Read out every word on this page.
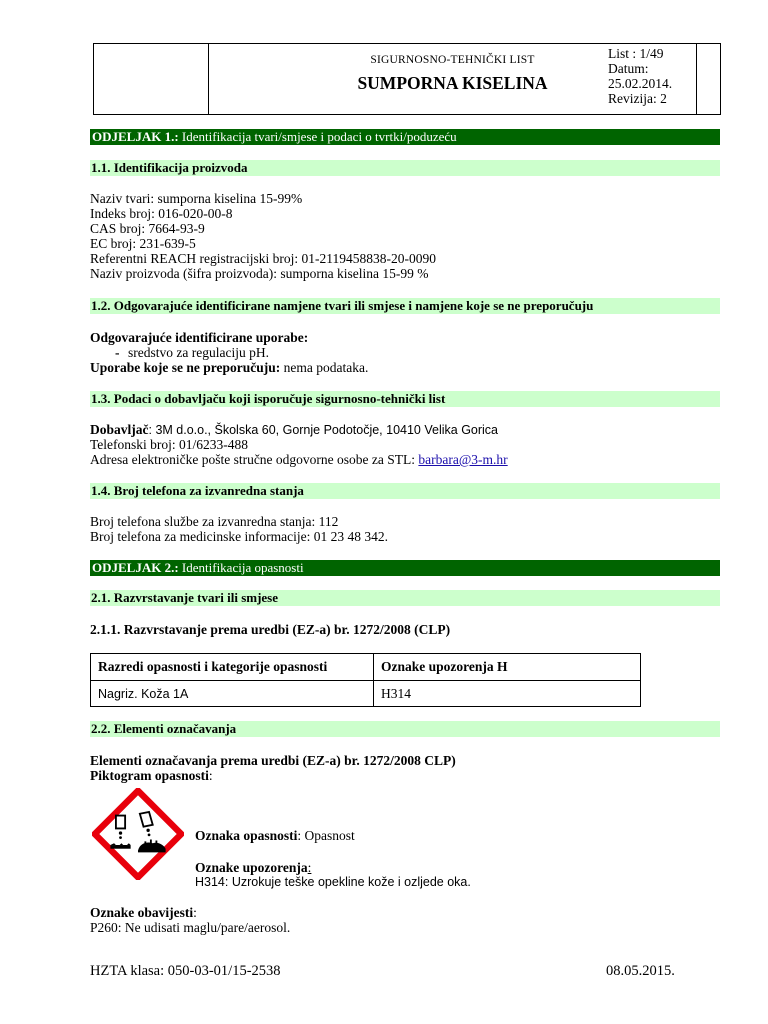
SIGURNOSNO-TEHNIČKI LIST
SUMPORNA KISELINA
List : 1/49
Datum:
25.02.2014.
Revizija: 2
ODJELJAK 1.: Identifikacija tvari/smjese i podaci o tvrtki/poduzeću
1.1. Identifikacija proizvoda
Naziv tvari: sumporna kiselina 15-99%
Indeks broj: 016-020-00-8
CAS broj: 7664-93-9
EC broj: 231-639-5
Referentni REACH registracijski broj: 01-2119458838-20-0090
Naziv proizvoda (šifra proizvoda): sumporna kiselina 15-99 %
1.2. Odgovarajuće identificirane namjene tvari ili smjese i namjene koje se ne preporučuju
Odgovarajuće identificirane uporabe:
- sredstvo za regulaciju pH.
Uporabe koje se ne preporučuju: nema podataka.
1.3. Podaci o dobavljaču koji isporučuje sigurnosno-tehnički list
Dobavljač: 3M d.o.o., Školska 60, Gornje Podotočje, 10410 Velika Gorica
Telefonski broj: 01/6233-488
Adresa elektroničke pošte stručne odgovorne osobe za STL: barbara@3-m.hr
1.4. Broj telefona za izvanredna stanja
Broj telefona službe za izvanredna stanja: 112
Broj telefona za medicinske informacije: 01 23 48 342.
ODJELJAK 2.: Identifikacija opasnosti
2.1. Razvrstavanje tvari ili smjese
2.1.1. Razvrstavanje prema uredbi (EZ-a) br. 1272/2008 (CLP)
Razredi opasnosti i kategorije opasnosti	Oznake upozorenja H
Nagriz. Koža 1A	H314
2.2. Elementi označavanja
Elementi označavanja prema uredbi (EZ-a) br. 1272/2008 CLP)
Piktogram opasnosti:
Oznaka opasnosti: Opasnost
Oznake upozorenja:
H314: Uzrokuje teške opekline kože i ozljede oka.
Oznake obavijesti:
P260: Ne udisati maglu/pare/aerosol.
HZTA klasa: 050-03-01/15-2538	08.05.2015.
